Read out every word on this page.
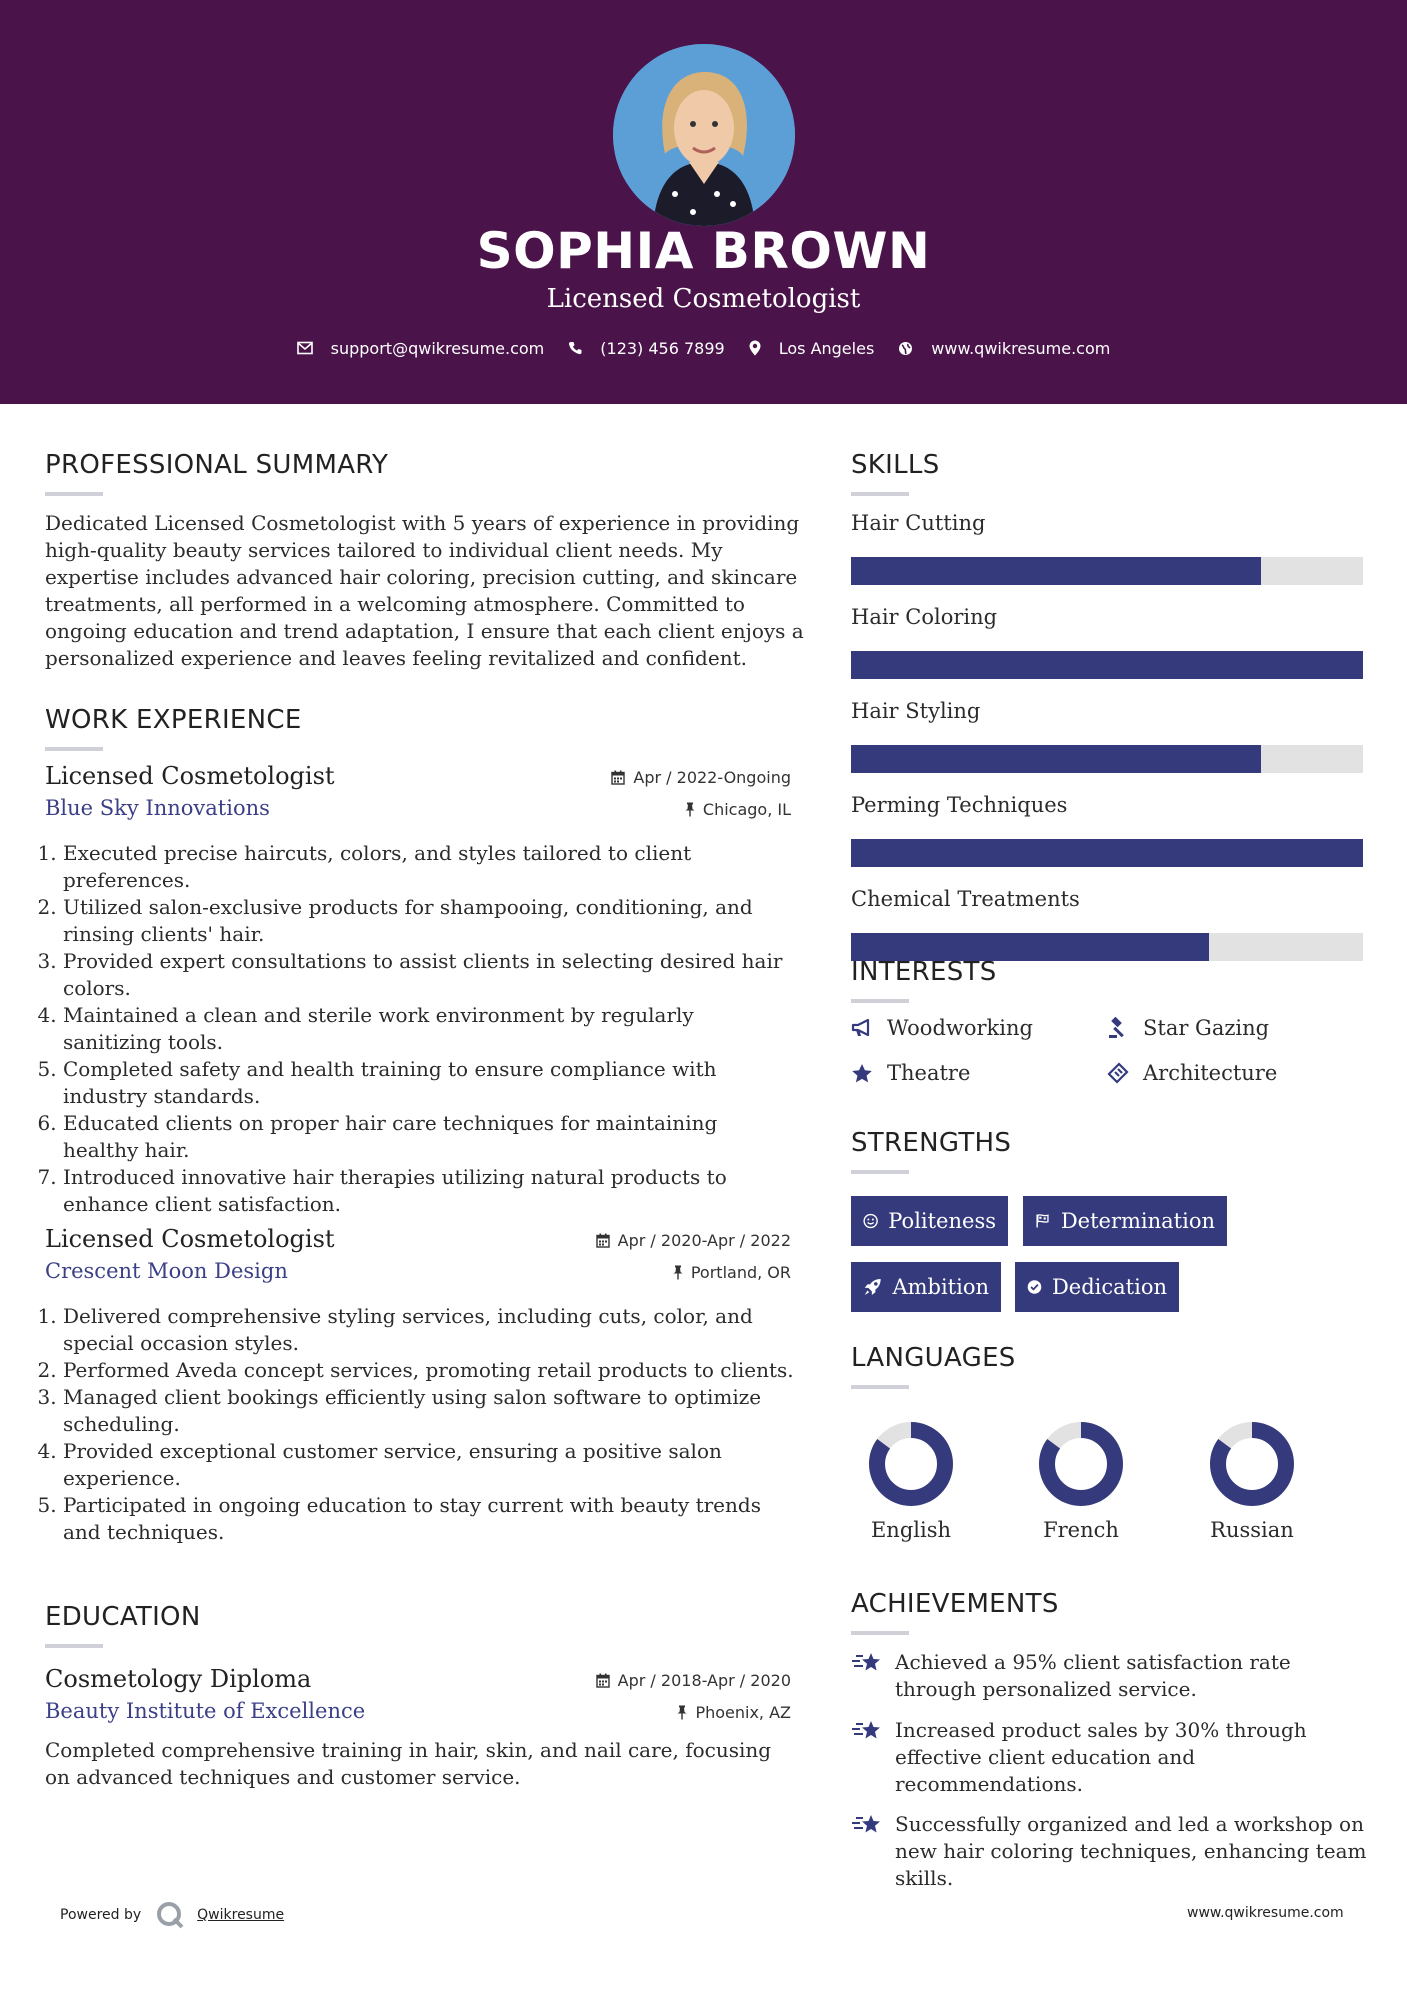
SOPHIA BROWN
Licensed Cosmetologist
support@qwikresume.com	(123) 456 7899	Los Angeles	www.qwikresume.com
PROFESSIONAL SUMMARY
Dedicated Licensed Cosmetologist with 5 years of experience in providing high-quality beauty services tailored to individual client needs. My expertise includes advanced hair coloring, precision cutting, and skincare treatments, all performed in a welcoming atmosphere. Committed to ongoing education and trend adaptation, I ensure that each client enjoys a personalized experience and leaves feeling revitalized and confident.
WORK EXPERIENCE
Licensed Cosmetologist	Apr / 2022-Ongoing
Blue Sky Innovations	Chicago, IL
1. Executed precise haircuts, colors, and styles tailored to client preferences.
2. Utilized salon-exclusive products for shampooing, conditioning, and rinsing clients' hair.
3. Provided expert consultations to assist clients in selecting desired hair colors.
4. Maintained a clean and sterile work environment by regularly sanitizing tools.
5. Completed safety and health training to ensure compliance with industry standards.
6. Educated clients on proper hair care techniques for maintaining healthy hair.
7. Introduced innovative hair therapies utilizing natural products to enhance client satisfaction.
Licensed Cosmetologist	Apr / 2020-Apr / 2022
Crescent Moon Design	Portland, OR
1. Delivered comprehensive styling services, including cuts, color, and special occasion styles.
2. Performed Aveda concept services, promoting retail products to clients.
3. Managed client bookings efficiently using salon software to optimize scheduling.
4. Provided exceptional customer service, ensuring a positive salon experience.
5. Participated in ongoing education to stay current with beauty trends and techniques.
EDUCATION
Cosmetology Diploma	Apr / 2018-Apr / 2020
Beauty Institute of Excellence	Phoenix, AZ
Completed comprehensive training in hair, skin, and nail care, focusing on advanced techniques and customer service.
SKILLS
Hair Cutting
Hair Coloring
Hair Styling
Perming Techniques
Chemical Treatments
INTERESTS
Woodworking	Star Gazing
Theatre	Architecture
STRENGTHS
Politeness	Determination
Ambition	Dedication
LANGUAGES
English	French	Russian
ACHIEVEMENTS
Achieved a 95% client satisfaction rate through personalized service.
Increased product sales by 30% through effective client education and recommendations.
Successfully organized and led a workshop on new hair coloring techniques, enhancing team skills.
Powered by	Qwikresume	www.qwikresume.com
